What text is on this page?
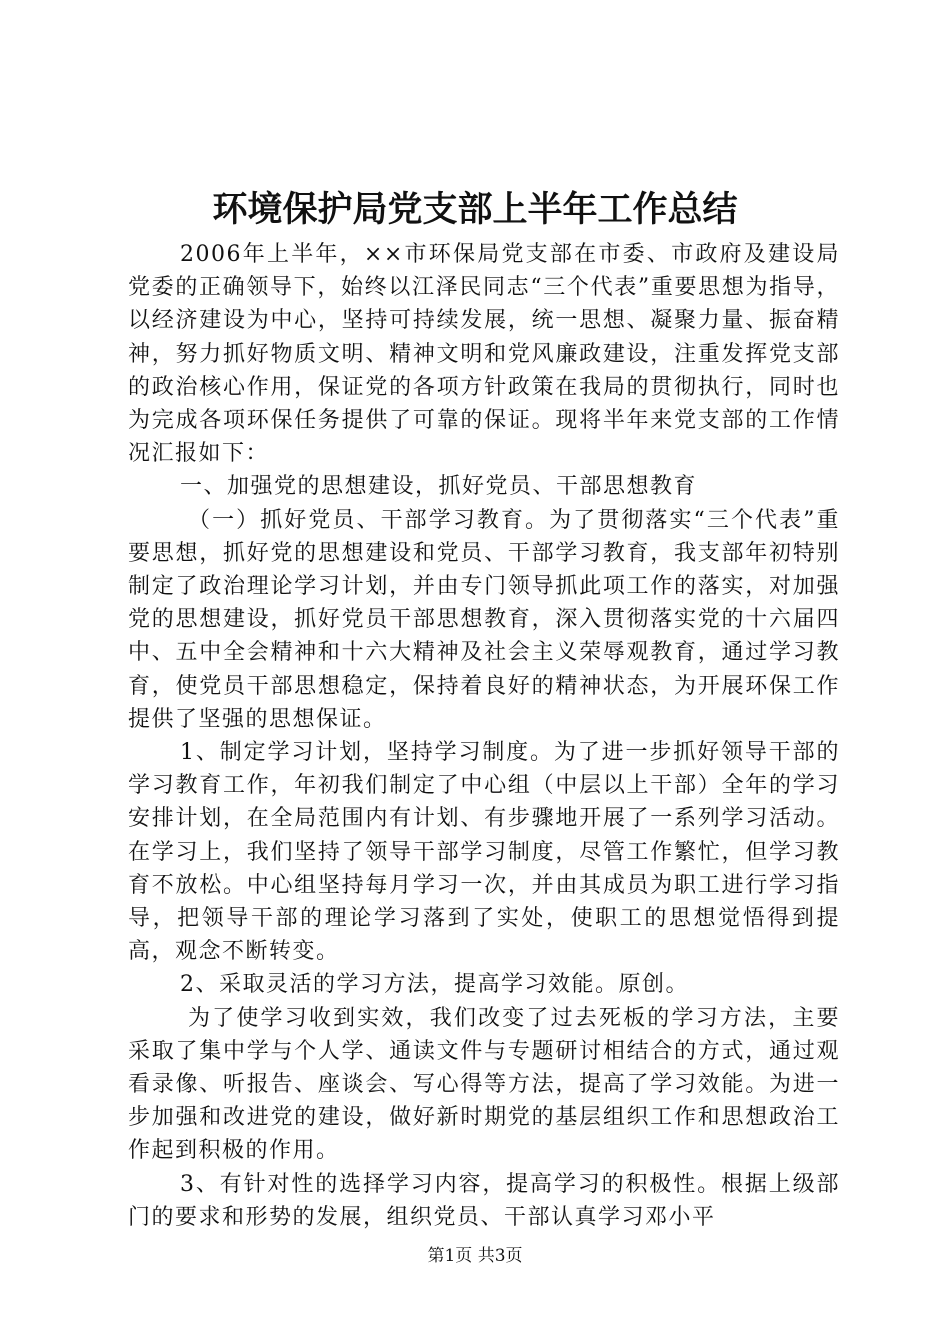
环境保护局党支部上半年工作总结

2006年上半年，××市环保局党支部在市委、市政府及建设局党委的正确领导下，始终以江泽民同志“三个代表”重要思想为指导，以经济建设为中心，坚持可持续发展，统一思想、凝聚力量、振奋精神，努力抓好物质文明、精神文明和党风廉政建设，注重发挥党支部的政治核心作用，保证党的各项方针政策在我局的贯彻执行，同时也为完成各项环保任务提供了可靠的保证。现将半年来党支部的工作情况汇报如下：

一、加强党的思想建设，抓好党员、干部思想教育

（一）抓好党员、干部学习教育。为了贯彻落实“三个代表”重要思想，抓好党的思想建设和党员、干部学习教育，我支部年初特别制定了政治理论学习计划，并由专门领导抓此项工作的落实，对加强党的思想建设，抓好党员干部思想教育，深入贯彻落实党的十六届四中、五中全会精神和十六大精神及社会主义荣辱观教育，通过学习教育，使党员干部思想稳定，保持着良好的精神状态，为开展环保工作提供了坚强的思想保证。

1、制定学习计划，坚持学习制度。为了进一步抓好领导干部的学习教育工作，年初我们制定了中心组（中层以上干部）全年的学习安排计划，在全局范围内有计划、有步骤地开展了一系列学习活动。在学习上，我们坚持了领导干部学习制度，尽管工作繁忙，但学习教育不放松。中心组坚持每月学习一次，并由其成员为职工进行学习指导，把领导干部的理论学习落到了实处，使职工的思想觉悟得到提高，观念不断转变。

2、采取灵活的学习方法，提高学习效能。原创。

为了使学习收到实效，我们改变了过去死板的学习方法，主要采取了集中学与个人学、通读文件与专题研讨相结合的方式，通过观看录像、听报告、座谈会、写心得等方法，提高了学习效能。为进一步加强和改进党的建设，做好新时期党的基层组织工作和思想政治工作起到积极的作用。

3、有针对性的选择学习内容，提高学习的积极性。根据上级部门的要求和形势的发展，组织党员、干部认真学习邓小平

第1页 共3页
